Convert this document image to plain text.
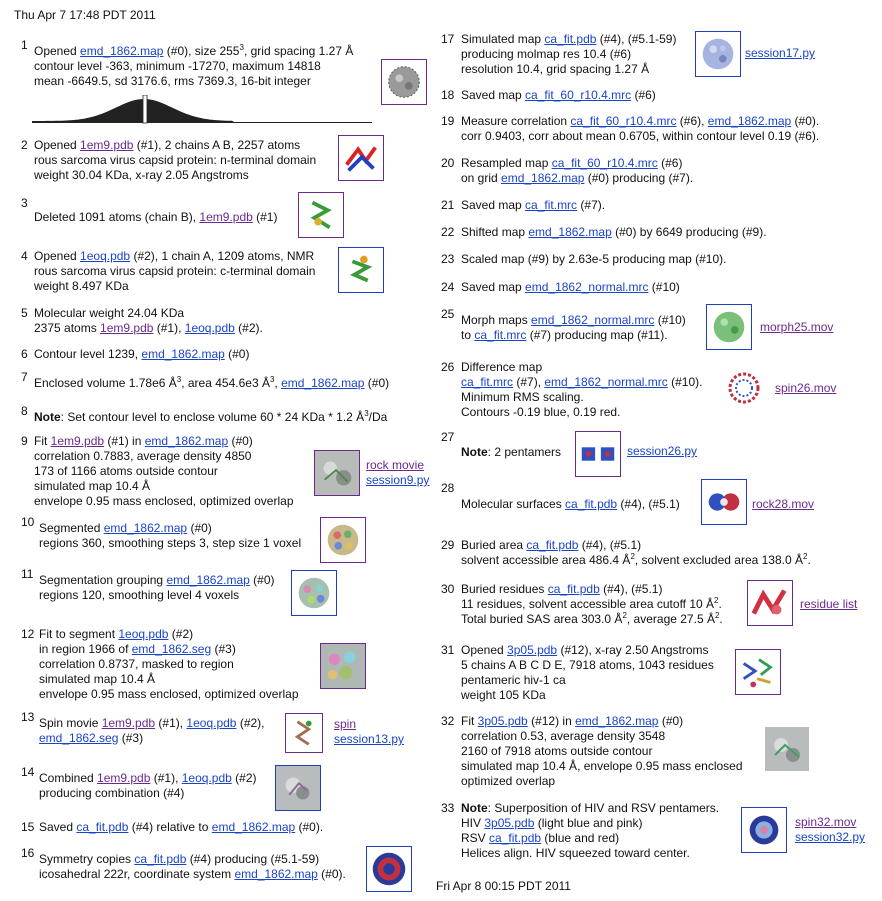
Thu Apr 7 17:48 PDT 2011
Fri Apr 8 00:15 PDT 2011
1 Opened emd_1862.map (#0), size $255^3$, grid spacing 1.27 Å
contour level -363, minimum -17270, maximum 14818
mean -6649.5, sd 3176.6, rms 7369.3, 16-bit integer
2 Opened 1em9.pdb (#1), 2 chains A B, 2257 atoms
rous sarcoma virus capsid protein: n-terminal domain
weight 30.04 KDa, x-ray 2.05 Angstroms
3
Deleted 1091 atoms (chain B), 1em9.pdb (#1)
4 Opened 1eoq.pdb (#2), 1 chain A, 1209 atoms, NMR
rous sarcoma virus capsid protein: c-terminal domain
weight 8.497 KDa
5 Molecular weight 24.04 KDa
2375 atoms 1em9.pdb (#1), 1eoq.pdb (#2).
6 Contour level 1239, emd_1862.map (#0)
7 Enclosed volume 1.78e6 $Å^3$, area 454.6e3 $Å^3$, emd_1862.map (#0)
8 Note: Set contour level to enclose volume 60 * 24 KDa * 1.2 $Å^3/Da$
9 Fit 1em9.pdb (#1) in emd_1862.map (#0)
correlation 0.7883, average density 4850
173 of 1166 atoms outside contour
simulated map 10.4 Å
envelope 0.95 mass enclosed, optimized overlap
rock movie
session9.py
10 Segmented emd_1862.map (#0)
regions 360, smoothing steps 3, step size 1 voxel
11 Segmentation grouping emd_1862.map (#0)
regions 120, smoothing level 4 voxels
12 Fit to segment 1eoq.pdb (#2)
in region 1966 of emd_1862.seg (#3)
correlation 0.8737, masked to region
simulated map 10.4 Å
envelope 0.95 mass enclosed, optimized overlap
13 Spin movie 1em9.pdb (#1), 1eoq.pdb (#2),
emd_1862.seg (#3)
spin
session13.py
14 Combined 1em9.pdb (#1), 1eoq.pdb (#2)
producing combination (#4)
15 Saved ca_fit.pdb (#4) relative to emd_1862.map (#0).
16 Symmetry copies ca_fit.pdb (#4) producing (#5.1-59)
icosahedral 222r, coordinate system emd_1862.map (#0).
17 Simulated map ca_fit.pdb (#4), (#5.1-59)
producing molmap res 10.4 (#6)
resolution 10.4, grid spacing 1.27 Å
session17.py
18 Saved map ca_fit_60_r10.4.mrc (#6)
19 Measure correlation ca_fit_60_r10.4.mrc (#6), emd_1862.map (#0).
corr 0.9403, corr about mean 0.6705, within contour level 0.19 (#6).
20 Resampled map ca_fit_60_r10.4.mrc (#6)
on grid emd_1862.map (#0) producing (#7).
21 Saved map ca_fit.mrc (#7).
22 Shifted map emd_1862.map (#0) by 6649 producing (#9).
23 Scaled map (#9) by 2.63e-5 producing map (#10).
24 Saved map emd_1862_normal.mrc (#10)
25 Morph maps emd_1862_normal.mrc (#10)
to ca_fit.mrc (#7) producing map (#11).
morph25.mov
26 Difference map
ca_fit.mrc (#7), emd_1862_normal.mrc (#10).
Minimum RMS scaling.
Contours -0.19 blue, 0.19 red.
spin26.mov
27
Note: 2 pentamers	session26.py
28
Molecular surfaces ca_fit.pdb (#4), (#5.1)	rock28.mov
29 Buried area ca_fit.pdb (#4), (#5.1)
solvent accessible area 486.4 $Å^2$, solvent excluded area 138.0 $Å^2$.
30 Buried residues ca_fit.pdb (#4), (#5.1)
11 residues, solvent accessible area cutoff 10 $Å^2$.
Total buried SAS area 303.0 $Å^2$, average 27.5 $Å^2$.
residue list
31 Opened 3p05.pdb (#12), x-ray 2.50 Angstroms
5 chains A B C D E, 7918 atoms, 1043 residues
pentameric hiv-1 ca
weight 105 KDa
32 Fit 3p05.pdb (#12) in emd_1862.map (#0)
correlation 0.53, average density 3548
2160 of 7918 atoms outside contour
simulated map 10.4 Å, envelope 0.95 mass enclosed
optimized overlap
33 Note: Superposition of HIV and RSV pentamers.
HIV 3p05.pdb (light blue and pink)
RSV ca_fit.pdb (blue and red)
Helices align. HIV squeezed toward center.
spin32.mov
session32.py
